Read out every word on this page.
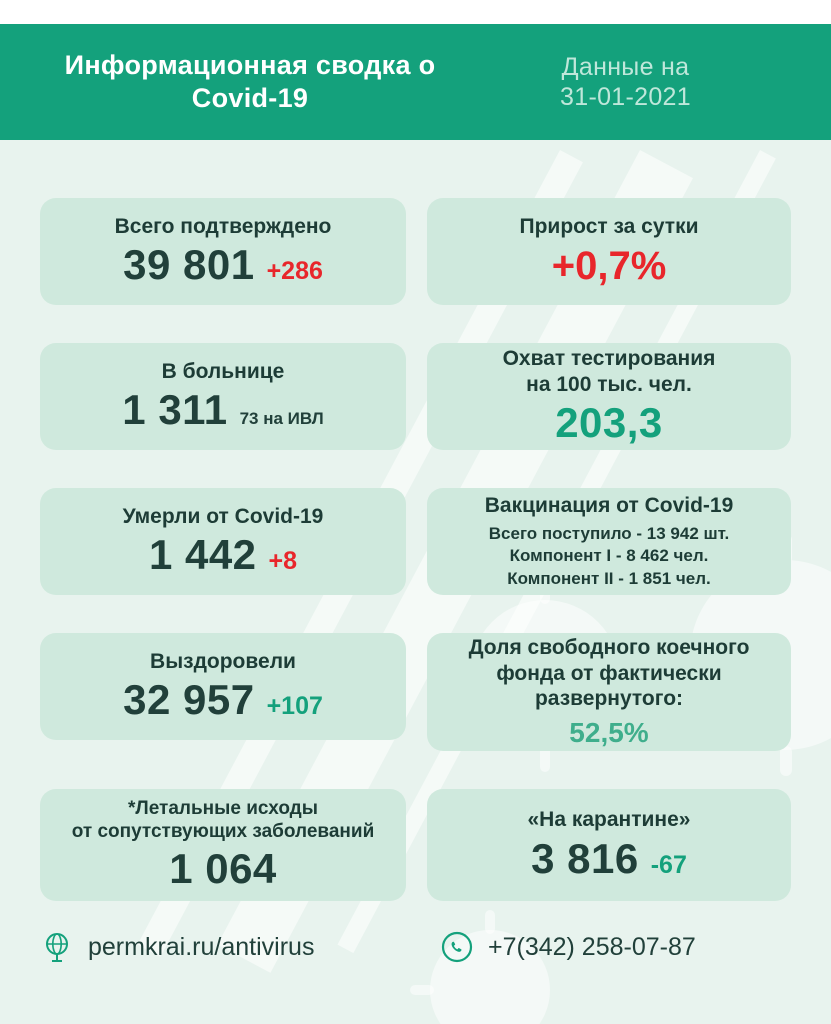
Информационная сводка о Covid-19
Данные на
31-01-2021
Всего подтверждено
39 801 +286
Прирост за сутки
+0,7%
В больнице
1 311 73 на ИВЛ
Охват тестирования
на 100 тыс. чел.
203,3
Умерли от Covid-19
1 442 +8
Вакцинация от Covid-19
Всего поступило - 13 942 шт.
Компонент I - 8 462 чел.
Компонент II - 1 851 чел.
Выздоровели
32 957 +107
Доля свободного коечного
фонда от фактически
развернутого:
52,5%
*Летальные исходы
от сопутствующих заболеваний
1 064
«На карантине»
3 816 -67
permkrai.ru/antivirus	+7(342) 258-07-87
